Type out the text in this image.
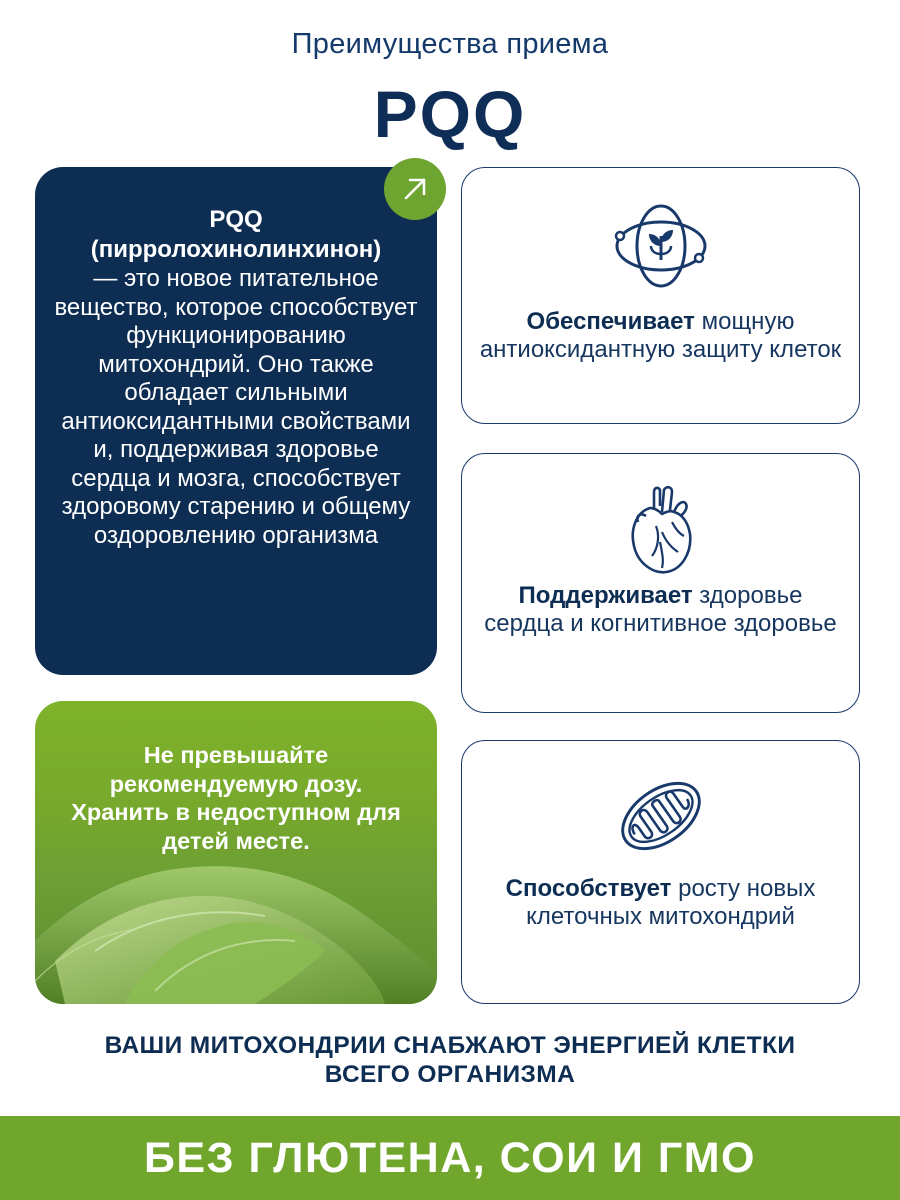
Преимущества приема
PQQ
PQQ
(пирролохинолинхинон)
— это новое питательное вещество, которое способствует функционированию митохондрий. Оно также обладает сильными антиоксидантными свойствами и, поддерживая здоровье сердца и мозга, способствует здоровому старению и общему оздоровлению организма
Не превышайте рекомендуемую дозу. Хранить в недоступном для детей месте.
Обеспечивает мощную антиоксидантную защиту клеток
Поддерживает здоровье сердца и когнитивное здоровье
Способствует росту новых клеточных митохондрий
ВАШИ МИТОХОНДРИИ СНАБЖАЮТ ЭНЕРГИЕЙ КЛЕТКИ ВСЕГО ОРГАНИЗМА
БЕЗ ГЛЮТЕНА, СОИ И ГМО
